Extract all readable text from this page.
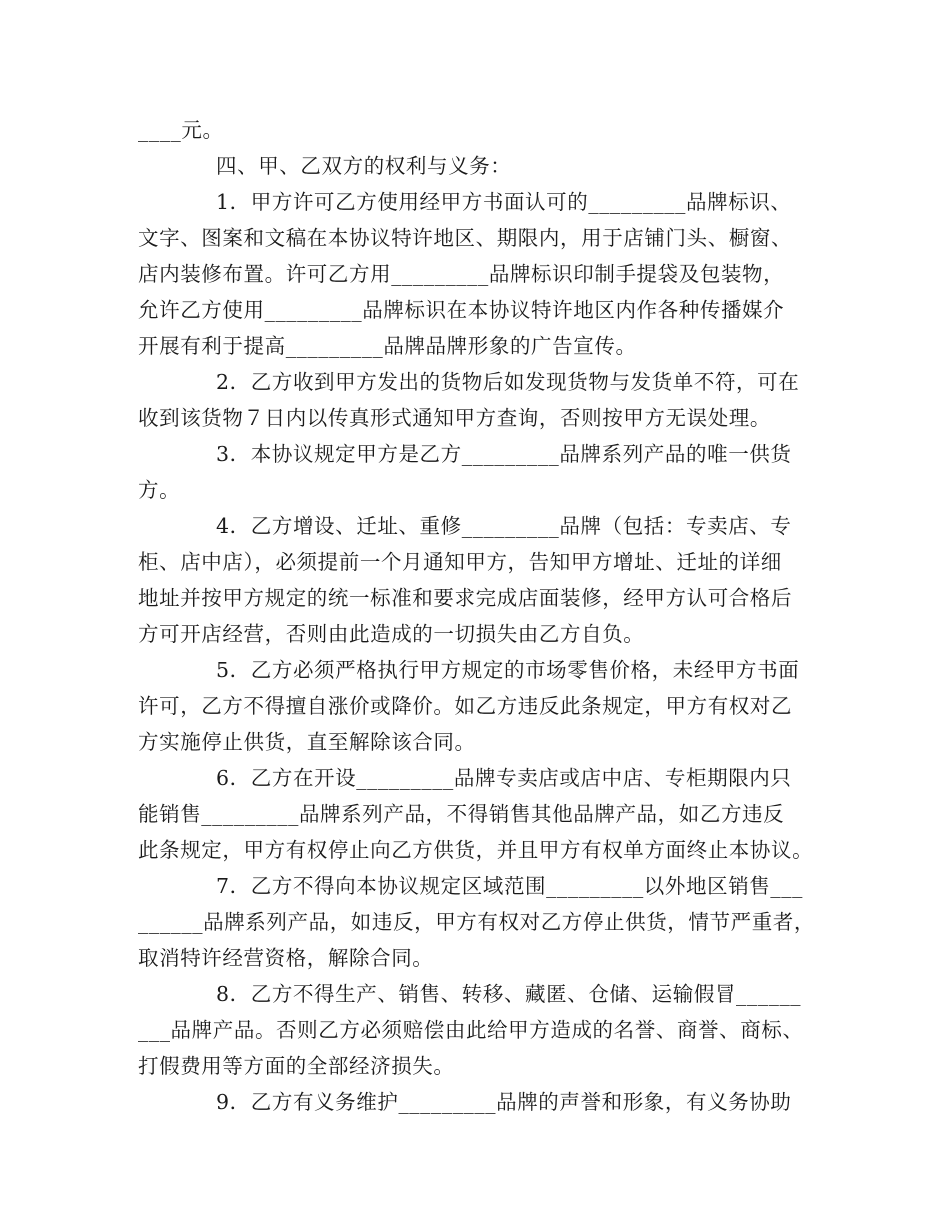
____元。
四、甲、乙双方的权利与义务：
1．甲方许可乙方使用经甲方书面认可的_________品牌标识、
文字、图案和文稿在本协议特许地区、期限内，用于店铺门头、橱窗、
店内装修布置。许可乙方用_________品牌标识印制手提袋及包装物，
允许乙方使用_________品牌标识在本协议特许地区内作各种传播媒介
开展有利于提高_________品牌品牌形象的广告宣传。
2．乙方收到甲方发出的货物后如发现货物与发货单不符，可在
收到该货物７日内以传真形式通知甲方查询，否则按甲方无误处理。
3．本协议规定甲方是乙方_________品牌系列产品的唯一供货
方。
4．乙方增设、迁址、重修_________品牌（包括：专卖店、专
柜、店中店），必须提前一个月通知甲方，告知甲方增址、迁址的详细
地址并按甲方规定的统一标准和要求完成店面装修，经甲方认可合格后
方可开店经营，否则由此造成的一切损失由乙方自负。
5．乙方必须严格执行甲方规定的市场零售价格，未经甲方书面
许可，乙方不得擅自涨价或降价。如乙方违反此条规定，甲方有权对乙
方实施停止供货，直至解除该合同。
6．乙方在开设_________品牌专卖店或店中店、专柜期限内只
能销售_________品牌系列产品，不得销售其他品牌产品，如乙方违反
此条规定，甲方有权停止向乙方供货，并且甲方有权单方面终止本协议。
7．乙方不得向本协议规定区域范围_________以外地区销售___
______品牌系列产品，如违反，甲方有权对乙方停止供货，情节严重者，
取消特许经营资格，解除合同。
8．乙方不得生产、销售、转移、藏匿、仓储、运输假冒______
___品牌产品。否则乙方必须赔偿由此给甲方造成的名誉、商誉、商标、
打假费用等方面的全部经济损失。
9．乙方有义务维护_________品牌的声誉和形象，有义务协助
